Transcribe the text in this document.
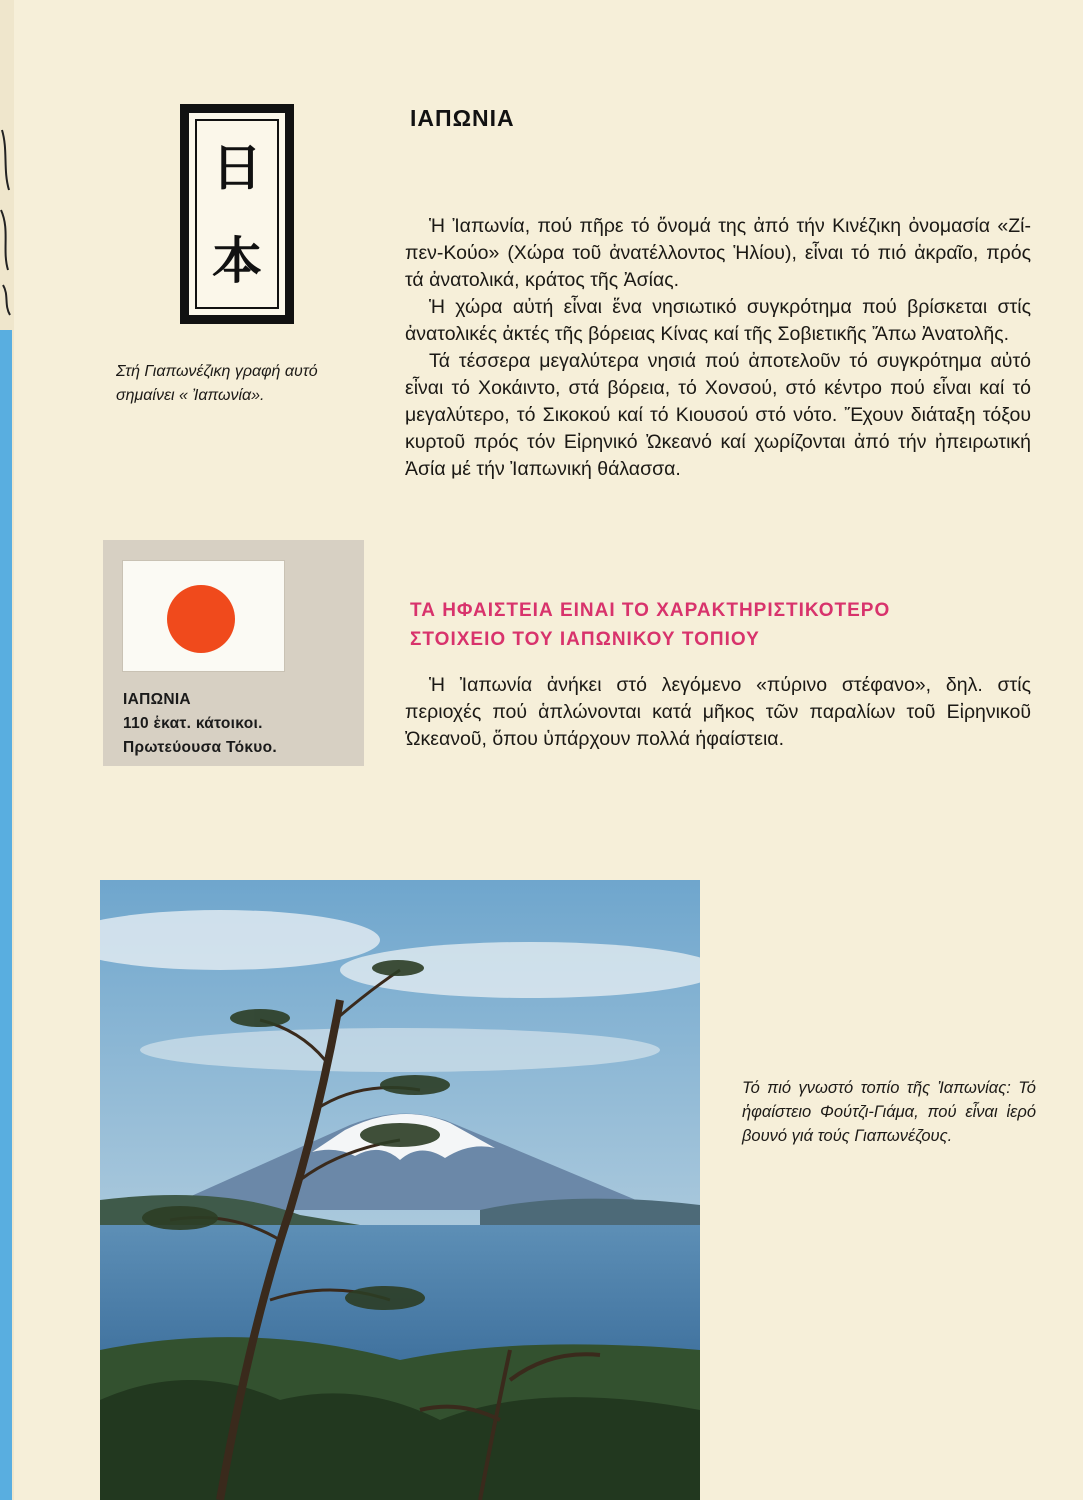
日
本
Στή Γιαπωνέζικη γραφή αυτό σημαίνει « Ἰαπωνία».
ΙΑΠΩΝΙΑ

Ἡ Ἰαπωνία, πού πῆρε τό ὄνομά της ἀπό τήν Κινέζικη ὀνομασία «Ζί-πεν-Κούο» (Χώρα τοῦ ἀνατέλλοντος Ἡλίου), εἶναι τό πιό ἀκραῖο, πρός τά ἀνατολικά, κράτος τῆς Ἀσίας.

Ἡ χώρα αὐτή εἶναι ἕνα νησιωτικό συγκρότημα πού βρίσκεται στίς ἀνατολικές ἀκτές τῆς βόρειας Κίνας καί τῆς Σοβιετικῆς Ἄπω Ἀνατολῆς.

Τά τέσσερα μεγαλύτερα νησιά πού ἀποτελοῦν τό συγκρότημα αὐτό εἶναι τό Χοκάιντο, στά βόρεια, τό Χονσού, στό κέντρο πού εἶναι καί τό μεγαλύτερο, τό Σικοκού καί τό Κιουσού στό νότο. Ἔχουν διάταξη τόξου κυρτοῦ πρός τόν Εἰρηνικό Ὠκεανό καί χωρίζονται ἀπό τήν ἠπειρωτική Ἀσία μέ τήν Ἰαπωνική θάλασσα.

ΙΑΠΩΝΙΑ
110 ἑκατ. κάτοικοι.
Πρωτεύουσα Τόκυο.
ΤΑ ΗΦΑΙΣΤΕΙΑ ΕΙΝΑΙ ΤΟ ΧΑΡΑΚΤΗΡΙΣΤΙΚΟΤΕΡΟ
ΣΤΟΙΧΕΙΟ ΤΟΥ ΙΑΠΩΝΙΚΟΥ ΤΟΠΙΟΥ

Ἡ Ἰαπωνία ἀνήκει στό λεγόμενο «πύρινο στέφανο», δηλ. στίς περιοχές πού ἁπλώνονται κατά μῆκος τῶν παραλίων τοῦ Εἰρηνικοῦ Ὠκεανοῦ, ὅπου ὑπάρχουν πολλά ἡφαίστεια.

Τό πιό γνωστό τοπίο τῆς Ἰαπωνίας: Τό ἡφαίστειο Φούτζι-Γιάμα, πού εἶναι ἱερό βουνό γιά τούς Γιαπωνέζους.
